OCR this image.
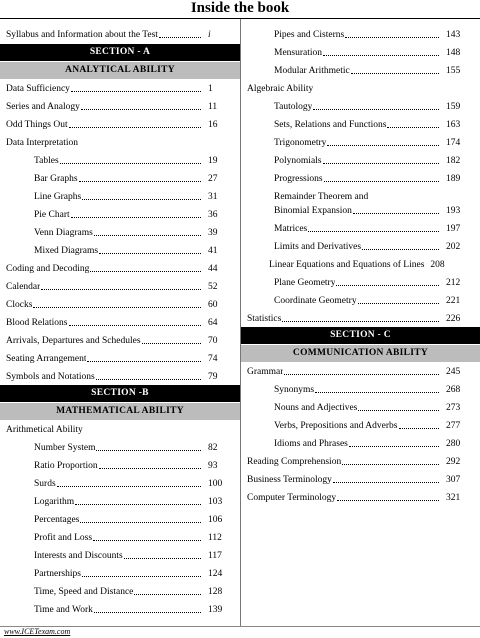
Inside the book
Syllabus and Information about the Test	i
SECTION - A
ANALYTICAL ABILITY
Data Sufficiency	1
Series and Analogy	11
Odd Things Out	16
Data Interpretation
Tables	19
Bar Graphs	27
Line Graphs	31
Pie Chart	36
Venn Diagrams	39
Mixed Diagrams	41
Coding and Decoding	44
Calendar	52
Clocks	60
Blood Relations	64
Arrivals, Departures and Schedules	70
Seating Arrangement	74
Symbols and Notations	79
SECTION -B
MATHEMATICAL ABILITY
Arithmetical Ability
Number System	82
Ratio Proportion	93
Surds	100
Logarithm	103
Percentages	106
Profit and Loss	112
Interests and Discounts	117
Partnerships	124
Time, Speed and Distance	128
Time and Work	139
Pipes and Cisterns	143
Mensuration	148
Modular Arithmetic	155
Algebraic Ability
Tautology	159
Sets, Relations and Functions	163
Trigonometry	174
Polynomials	182
Progressions	189
Remainder Theorem and
Binomial Expansion	193
Matrices	197
Limits and Derivatives	202
Linear Equations and Equations of Lines 208
Plane Geometry	212
Coordinate Geometry	221
Statistics	226
SECTION - C
COMMUNICATION ABILITY
Grammar	245
Synonyms	268
Nouns and Adjectives	273
Verbs, Prepositions and Adverbs	277
Idioms and Phrases	280
Reading Comprehension	292
Business Terminology	307
Computer Terminology	321
www.ICETexam.com
